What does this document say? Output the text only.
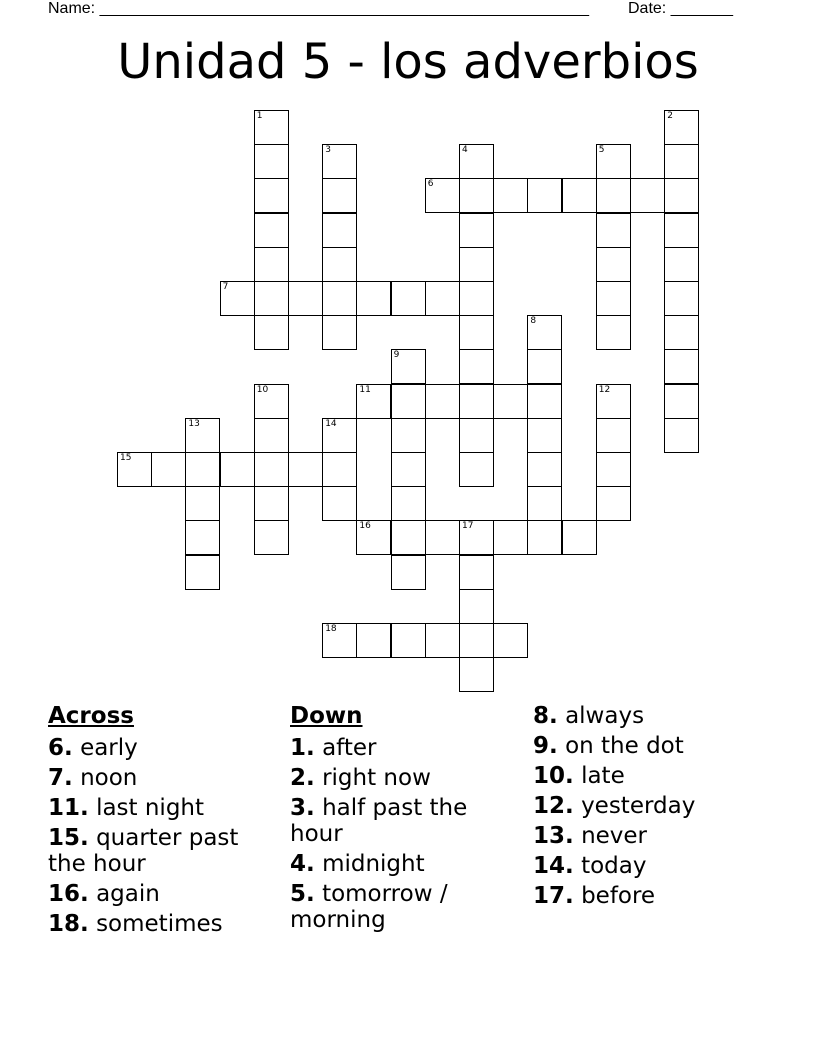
Name: _______________________________________________________ Date: _______
Unidad 5 - los adverbios
1	2
3	4	5
6
7
8
9
10	11	12
13	14
15
16	17
18
Across
6. early
7. noon
11. last night
15. quarter past the hour
16. again
18. sometimes
Down
1. after
2. right now
3. half past the hour
4. midnight
5. tomorrow / morning
8. always
9. on the dot
10. late
12. yesterday
13. never
14. today
17. before
